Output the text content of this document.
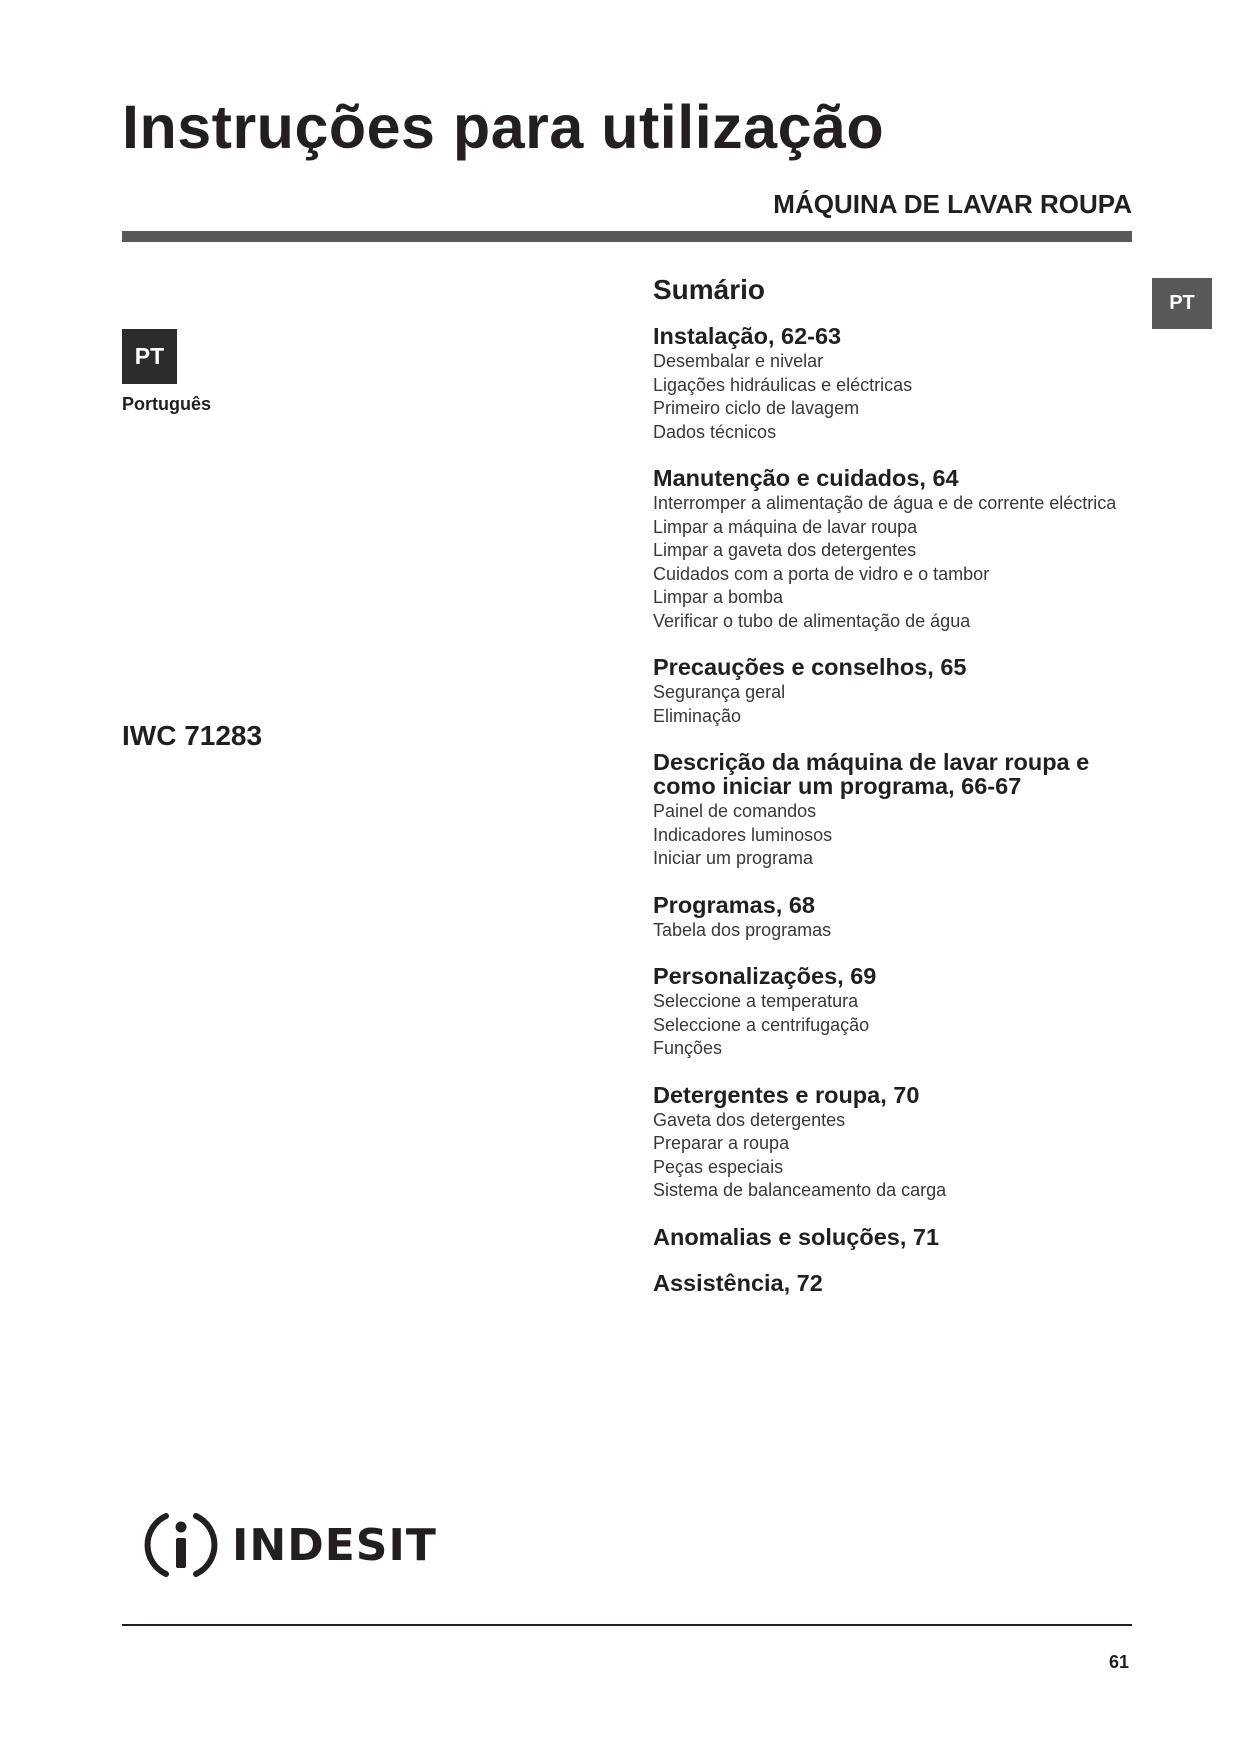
Instruções para utilização
MÁQUINA DE LAVAR ROUPA
PT
Português
IWC 71283
PT
Sumário
Instalação, 62-63
Desembalar e nivelar
Ligações hidráulicas e eléctricas
Primeiro ciclo de lavagem
Dados técnicos
Manutenção e cuidados, 64
Interromper a alimentação de água e de corrente eléctrica
Limpar a máquina de lavar roupa
Limpar a gaveta dos detergentes
Cuidados com a porta de vidro e o tambor
Limpar a bomba
Verificar o tubo de alimentação de água
Precauções e conselhos, 65
Segurança geral
Eliminação
Descrição da máquina de lavar roupa e como iniciar um programa, 66-67
Painel de comandos
Indicadores luminosos
Iniciar um programa
Programas, 68
Tabela dos programas
Personalizações, 69
Seleccione a temperatura
Seleccione a centrifugação
Funções
Detergentes e roupa, 70
Gaveta dos detergentes
Preparar a roupa
Peças especiais
Sistema de balanceamento da carga
Anomalias e soluções, 71
Assistência, 72
INDESIT
61
